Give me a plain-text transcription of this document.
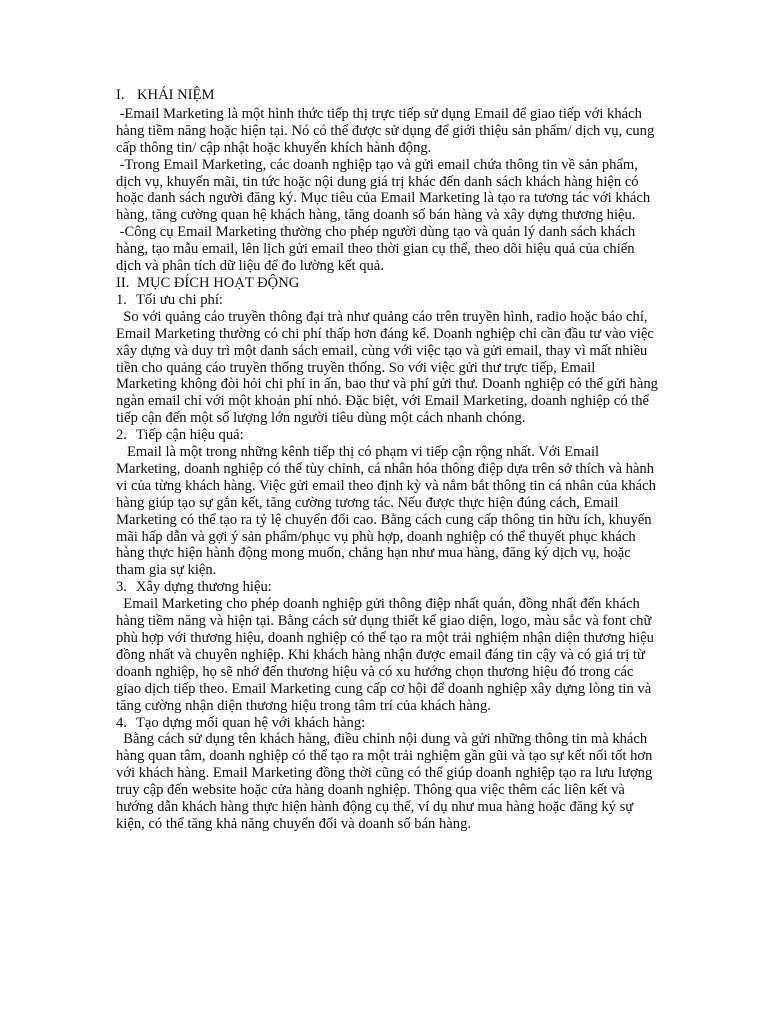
I. KHÁI NIỆM

-Email Marketing là một hình thức tiếp thị trực tiếp sử dụng Email để giao tiếp với khách hàng tiềm năng hoặc hiện tại. Nó có thể được sử dụng để giới thiệu sản phẩm/ dịch vụ, cung cấp thông tin/ cập nhật hoặc khuyến khích hành động.

-Trong Email Marketing, các doanh nghiệp tạo và gửi email chứa thông tin về sản phẩm, dịch vụ, khuyến mãi, tin tức hoặc nội dung giá trị khác đến danh sách khách hàng hiện có hoặc danh sách người đăng ký. Mục tiêu của Email Marketing là tạo ra tương tác với khách hàng, tăng cường quan hệ khách hàng, tăng doanh số bán hàng và xây dựng thương hiệu.

-Công cụ Email Marketing thường cho phép người dùng tạo và quản lý danh sách khách hàng, tạo mẫu email, lên lịch gửi email theo thời gian cụ thể, theo dõi hiệu quả của chiến dịch và phân tích dữ liệu để đo lường kết quả.

II. MỤC ĐÍCH HOẠT ĐỘNG

1. Tối ưu chi phí:

So với quảng cáo truyền thông đại trà như quảng cáo trên truyền hình, radio hoặc báo chí, Email Marketing thường có chi phí thấp hơn đáng kể. Doanh nghiệp chỉ cần đầu tư vào việc xây dựng và duy trì một danh sách email, cùng với việc tạo và gửi email, thay vì mất nhiều tiền cho quảng cáo truyền thống truyền thống. So với việc gửi thư trực tiếp, Email Marketing không đòi hỏi chi phí in ấn, bao thư và phí gửi thư. Doanh nghiệp có thể gửi hàng ngàn email chỉ với một khoản phí nhỏ. Đặc biệt, với Email Marketing, doanh nghiệp có thể tiếp cận đến một số lượng lớn người tiêu dùng một cách nhanh chóng.

2. Tiếp cận hiệu quả:

Email là một trong những kênh tiếp thị có phạm vi tiếp cận rộng nhất. Với Email Marketing, doanh nghiệp có thể tùy chỉnh, cá nhân hóa thông điệp dựa trên sở thích và hành vi của từng khách hàng. Việc gửi email theo định kỳ và nắm bắt thông tin cá nhân của khách hàng giúp tạo sự gắn kết, tăng cường tương tác. Nếu được thực hiện đúng cách, Email Marketing có thể tạo ra tỷ lệ chuyển đổi cao. Bằng cách cung cấp thông tin hữu ích, khuyến mãi hấp dẫn và gợi ý sản phẩm/phục vụ phù hợp, doanh nghiệp có thể thuyết phục khách hàng thực hiện hành động mong muốn, chẳng hạn như mua hàng, đăng ký dịch vụ, hoặc tham gia sự kiện.

3. Xây dựng thương hiệu:

Email Marketing cho phép doanh nghiệp gửi thông điệp nhất quán, đồng nhất đến khách hàng tiềm năng và hiện tại. Bằng cách sử dụng thiết kế giao diện, logo, màu sắc và font chữ phù hợp với thương hiệu, doanh nghiệp có thể tạo ra một trải nghiệm nhận diện thương hiệu đồng nhất và chuyên nghiệp. Khi khách hàng nhận được email đáng tin cậy và có giá trị từ doanh nghiệp, họ sẽ nhớ đến thương hiệu và có xu hướng chọn thương hiệu đó trong các giao dịch tiếp theo. Email Marketing cung cấp cơ hội để doanh nghiệp xây dựng lòng tin và tăng cường nhận diện thương hiệu trong tâm trí của khách hàng.

4. Tạo dựng mối quan hệ với khách hàng:

Bằng cách sử dụng tên khách hàng, điều chỉnh nội dung và gửi những thông tin mà khách hàng quan tâm, doanh nghiệp có thể tạo ra một trải nghiệm gần gũi và tạo sự kết nối tốt hơn với khách hàng. Email Marketing đồng thời cũng có thể giúp doanh nghiệp tạo ra lưu lượng truy cập đến website hoặc cửa hàng doanh nghiệp. Thông qua việc thêm các liên kết và hướng dẫn khách hàng thực hiện hành động cụ thể, ví dụ như mua hàng hoặc đăng ký sự kiện, có thể tăng khả năng chuyển đổi và doanh số bán hàng.
